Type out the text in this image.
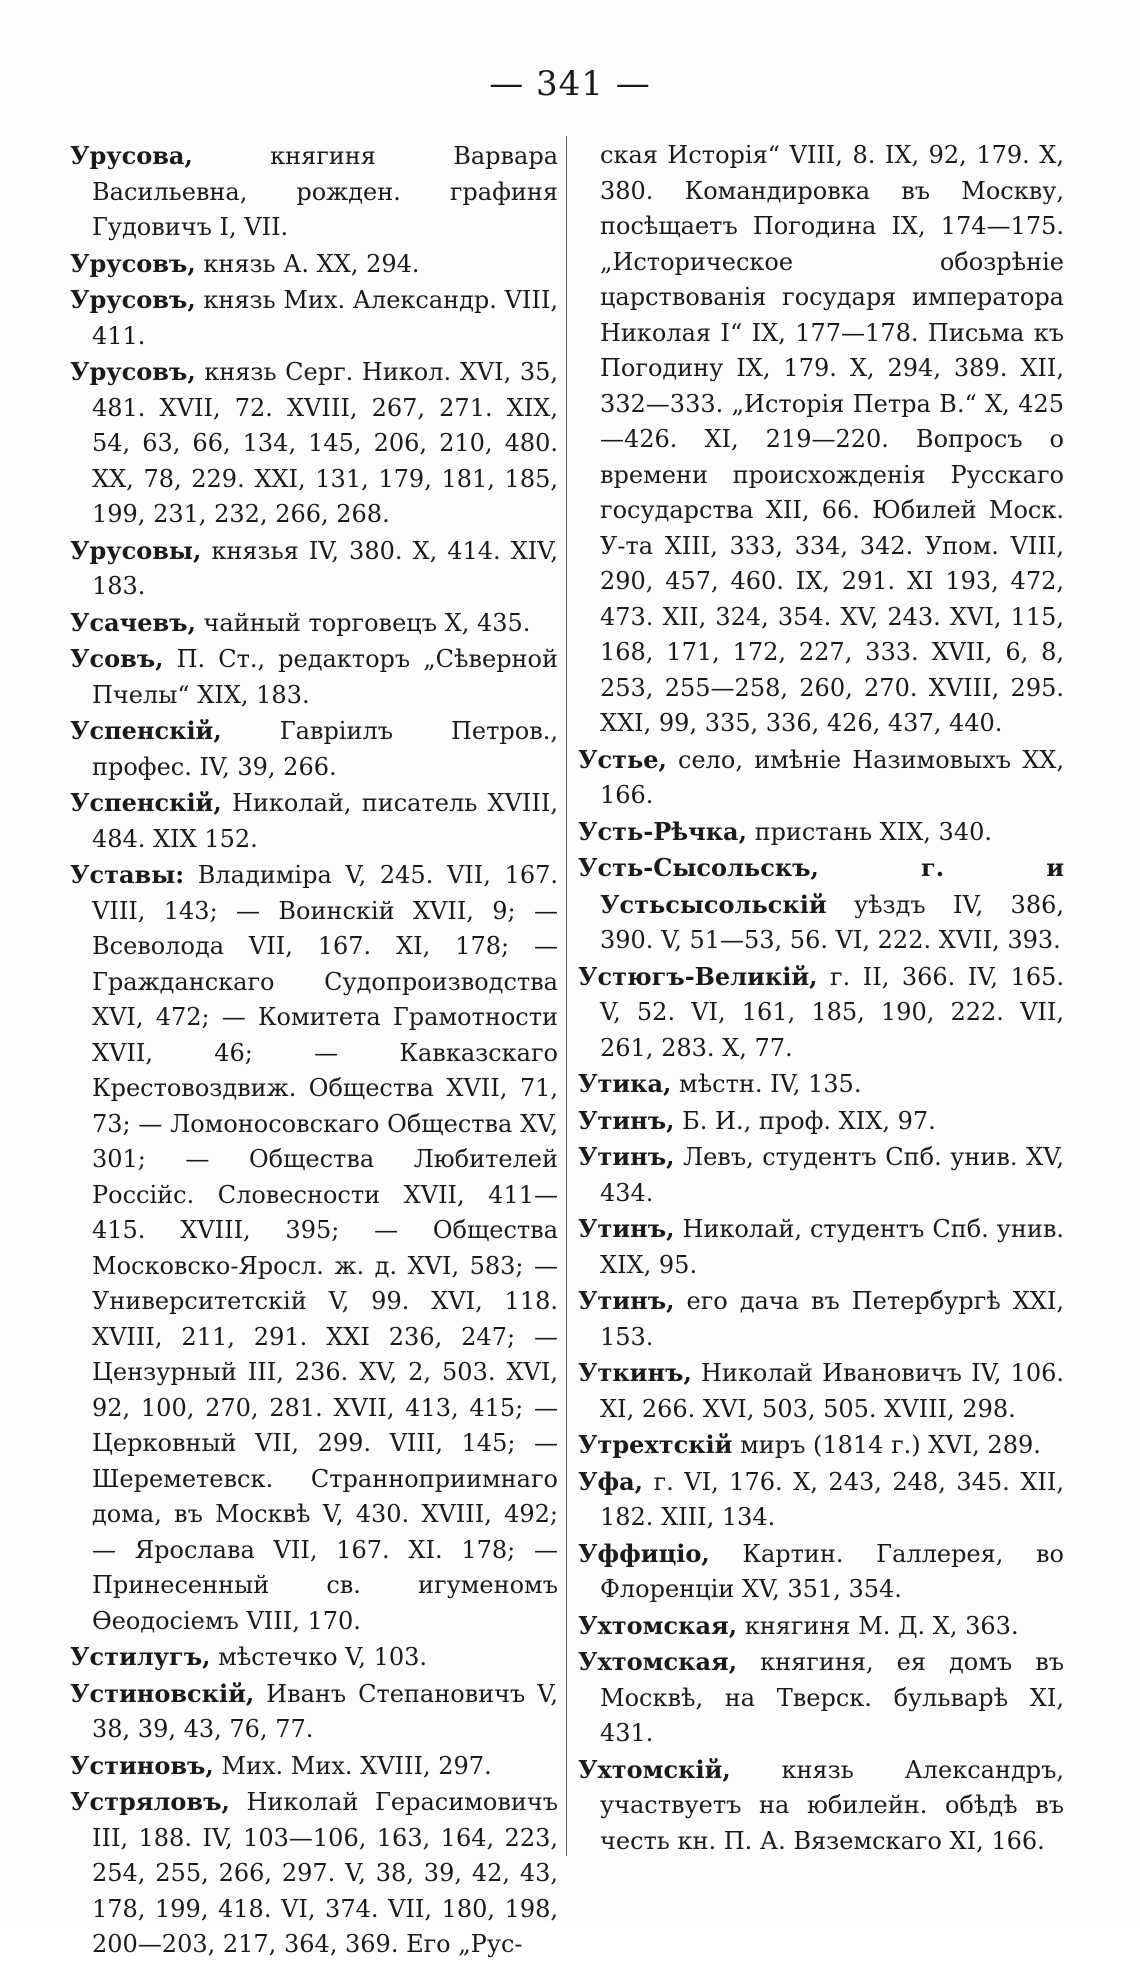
— 341 —

Урусова, княгиня Варвара Васильевна, рожден. графиня Гудовичъ I, VII.

Урусовъ, князь А. XX, 294.

Урусовъ, князь Мих. Александр. VIII, 411.

Урусовъ, князь Серг. Никол. XVI, 35, 481. XVII, 72. XVIII, 267, 271. XIX, 54, 63, 66, 134, 145, 206, 210, 480. XX, 78, 229. XXI, 131, 179, 181, 185, 199, 231, 232, 266, 268.

Урусовы, князья IV, 380. X, 414. XIV, 183.

Усачевъ, чайный торговецъ X, 435.

Усовъ, П. Ст., редакторъ „Сѣверной Пчелы“ XIX, 183.

Успенскій, Гавріилъ Петров., профес. IV, 39, 266.

Успенскій, Николай, писатель XVIII, 484. XIX 152.

Уставы: Владиміра V, 245. VII, 167. VIII, 143; — Воинскій XVII, 9; — Всеволода VII, 167. XI, 178; — Гражданскаго Судопроизводства XVI, 472; — Комитета Грамотности XVII, 46; — Кавказскаго Крестовоздвиж. Общества XVII, 71, 73; — Ломоносовскаго Общества XV, 301; — Общества Любителей Россійс. Словесности XVII, 411—415. XVIII, 395; — Общества Московско-Яросл. ж. д. XVI, 583; — Университетскій V, 99. XVI, 118. XVIII, 211, 291. XXI 236, 247; — Цензурный III, 236. XV, 2, 503. XVI, 92, 100, 270, 281. XVII, 413, 415; — Церковный VII, 299. VIII, 145; — Шереметевск. Странноприимнаго дома, въ Москвѣ V, 430. XVIII, 492; — Ярослава VII, 167. XI. 178; — Принесенный св. игуменомъ Ѳеодосіемъ VIII, 170.

Устилугъ, мѣстечко V, 103.

Устиновскій, Иванъ Степановичъ V, 38, 39, 43, 76, 77.

Устиновъ, Мих. Мих. XVIII, 297.

Устряловъ, Николай Герасимовичъ III, 188. IV, 103—106, 163, 164, 223, 254, 255, 266, 297. V, 38, 39, 42, 43, 178, 199, 418. VI, 374. VII, 180, 198, 200—203, 217, 364, 369. Его „Рус-

ская Исторія“ VIII, 8. IX, 92, 179. X, 380. Командировка въ Москву, посѣщаетъ Погодина IX, 174—175. „Историческое обозрѣніе царствованія государя императора Николая I“ IX, 177—178. Письма къ Погодину IX, 179. X, 294, 389. XII, 332—333. „Исторія Петра В.“ X, 425—426. XI, 219—220. Вопросъ о времени происхожденія Русскаго государства XII, 66. Юбилей Моск. У-та XIII, 333, 334, 342. Упом. VIII, 290, 457, 460. IX, 291. XI 193, 472, 473. XII, 324, 354. XV, 243. XVI, 115, 168, 171, 172, 227, 333. XVII, 6, 8, 253, 255—258, 260, 270. XVIII, 295. XXI, 99, 335, 336, 426, 437, 440.

Устье, село, имѣніе Назимовыхъ XX, 166.

Усть-Рѣчка, пристань XIX, 340.

Усть-Сысольскъ, г. и Устьсысольскій уѣздъ IV, 386, 390. V, 51—53, 56. VI, 222. XVII, 393.

Устюгъ-Великій, г. II, 366. IV, 165. V, 52. VI, 161, 185, 190, 222. VII, 261, 283. X, 77.

Утика, мѣстн. IV, 135.

Утинъ, Б. И., проф. XIX, 97.

Утинъ, Левъ, студентъ Спб. унив. XV, 434.

Утинъ, Николай, студентъ Спб. унив. XIX, 95.

Утинъ, его дача въ Петербургѣ XXI, 153.

Уткинъ, Николай Ивановичъ IV, 106. XI, 266. XVI, 503, 505. XVIII, 298.

Утрехтскій миръ (1814 г.) XVI, 289.

Уфа, г. VI, 176. X, 243, 248, 345. XII, 182. XIII, 134.

Уффиціо, Картин. Галлерея, во Флоренціи XV, 351, 354.

Ухтомская, княгиня М. Д. X, 363.

Ухтомская, княгиня, ея домъ въ Москвѣ, на Тверск. бульварѣ XI, 431.

Ухтомскій, князь Александръ, участвуетъ на юбилейн. обѣдѣ въ честь кн. П. А. Вяземскаго XI, 166.
